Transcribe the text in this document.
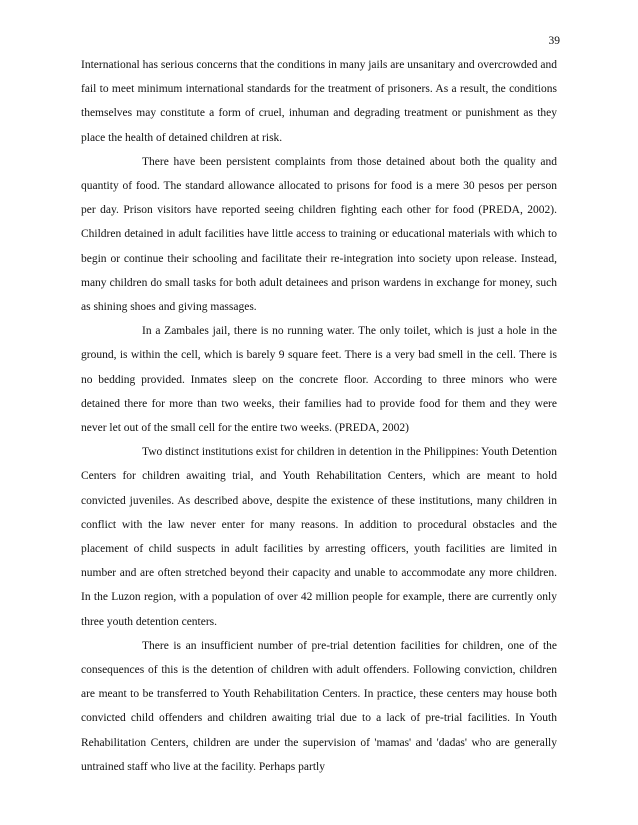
39

International has serious concerns that the conditions in many jails are unsanitary and overcrowded and fail to meet minimum international standards for the treatment of prisoners. As a result, the conditions themselves may constitute a form of cruel, inhuman and degrading treatment or punishment as they place the health of detained children at risk.

There have been persistent complaints from those detained about both the quality and quantity of food. The standard allowance allocated to prisons for food is a mere 30 pesos per person per day. Prison visitors have reported seeing children fighting each other for food (PREDA, 2002). Children detained in adult facilities have little access to training or educational materials with which to begin or continue their schooling and facilitate their re-integration into society upon release. Instead, many children do small tasks for both adult detainees and prison wardens in exchange for money, such as shining shoes and giving massages.

In a Zambales jail, there is no running water. The only toilet, which is just a hole in the ground, is within the cell, which is barely 9 square feet. There is a very bad smell in the cell. There is no bedding provided. Inmates sleep on the concrete floor. According to three minors who were detained there for more than two weeks, their families had to provide food for them and they were never let out of the small cell for the entire two weeks. (PREDA, 2002)

Two distinct institutions exist for children in detention in the Philippines: Youth Detention Centers for children awaiting trial, and Youth Rehabilitation Centers, which are meant to hold convicted juveniles. As described above, despite the existence of these institutions, many children in conflict with the law never enter for many reasons. In addition to procedural obstacles and the placement of child suspects in adult facilities by arresting officers, youth facilities are limited in number and are often stretched beyond their capacity and unable to accommodate any more children. In the Luzon region, with a population of over 42 million people for example, there are currently only three youth detention centers.

There is an insufficient number of pre-trial detention facilities for children, one of the consequences of this is the detention of children with adult offenders. Following conviction, children are meant to be transferred to Youth Rehabilitation Centers. In practice, these centers may house both convicted child offenders and children awaiting trial due to a lack of pre-trial facilities. In Youth Rehabilitation Centers, children are under the supervision of 'mamas' and 'dadas' who are generally untrained staff who live at the facility. Perhaps partly
